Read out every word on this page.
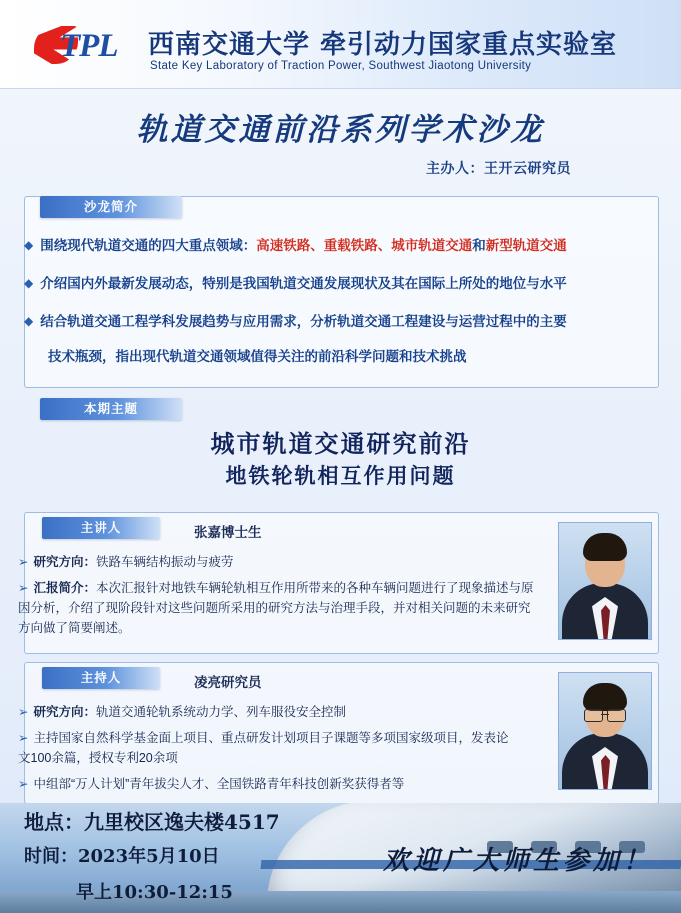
TPL 西南交通大学 牵引动力国家重点实验室
State Key Laboratory of Traction Power, Southwest Jiaotong University
轨道交通前沿系列学术沙龙
主办人：王开云研究员
沙龙简介
◆ 围绕现代轨道交通的四大重点领域：高速铁路、重载铁路、城市轨道交通和新型轨道交通
◆ 介绍国内外最新发展动态，特别是我国轨道交通发展现状及其在国际上所处的地位与水平
◆ 结合轨道交通工程学科发展趋势与应用需求，分析轨道交通工程建设与运营过程中的主要
技术瓶颈，指出现代轨道交通领域值得关注的前沿科学问题和技术挑战
城市轨道交通研究前沿
地铁轮轨相互作用问题
本期主题
主讲人	张嘉博士生
➢ 研究方向：铁路车辆结构振动与疲劳
➢ 汇报简介：本次汇报针对地铁车辆轮轨相互作用所带来的各种车辆问题进行了现象描述与原因分析，介绍了现阶段针对这些问题所采用的研究方法与治理手段，并对相关问题的未来研究方向做了简要阐述。
主持人	凌亮研究员
➢ 研究方向：轨道交通轮轨系统动力学、列车服役安全控制
➢ 主持国家自然科学基金面上项目、重点研发计划项目子课题等多项国家级项目，发表论文100余篇，授权专利20余项
➢ 中组部“万人计划”青年拔尖人才、全国铁路青年科技创新奖获得者等
地点：九里校区逸夫楼4517
时间：2023年5月10日
早上10:30-12:15
欢迎广大师生参加！
